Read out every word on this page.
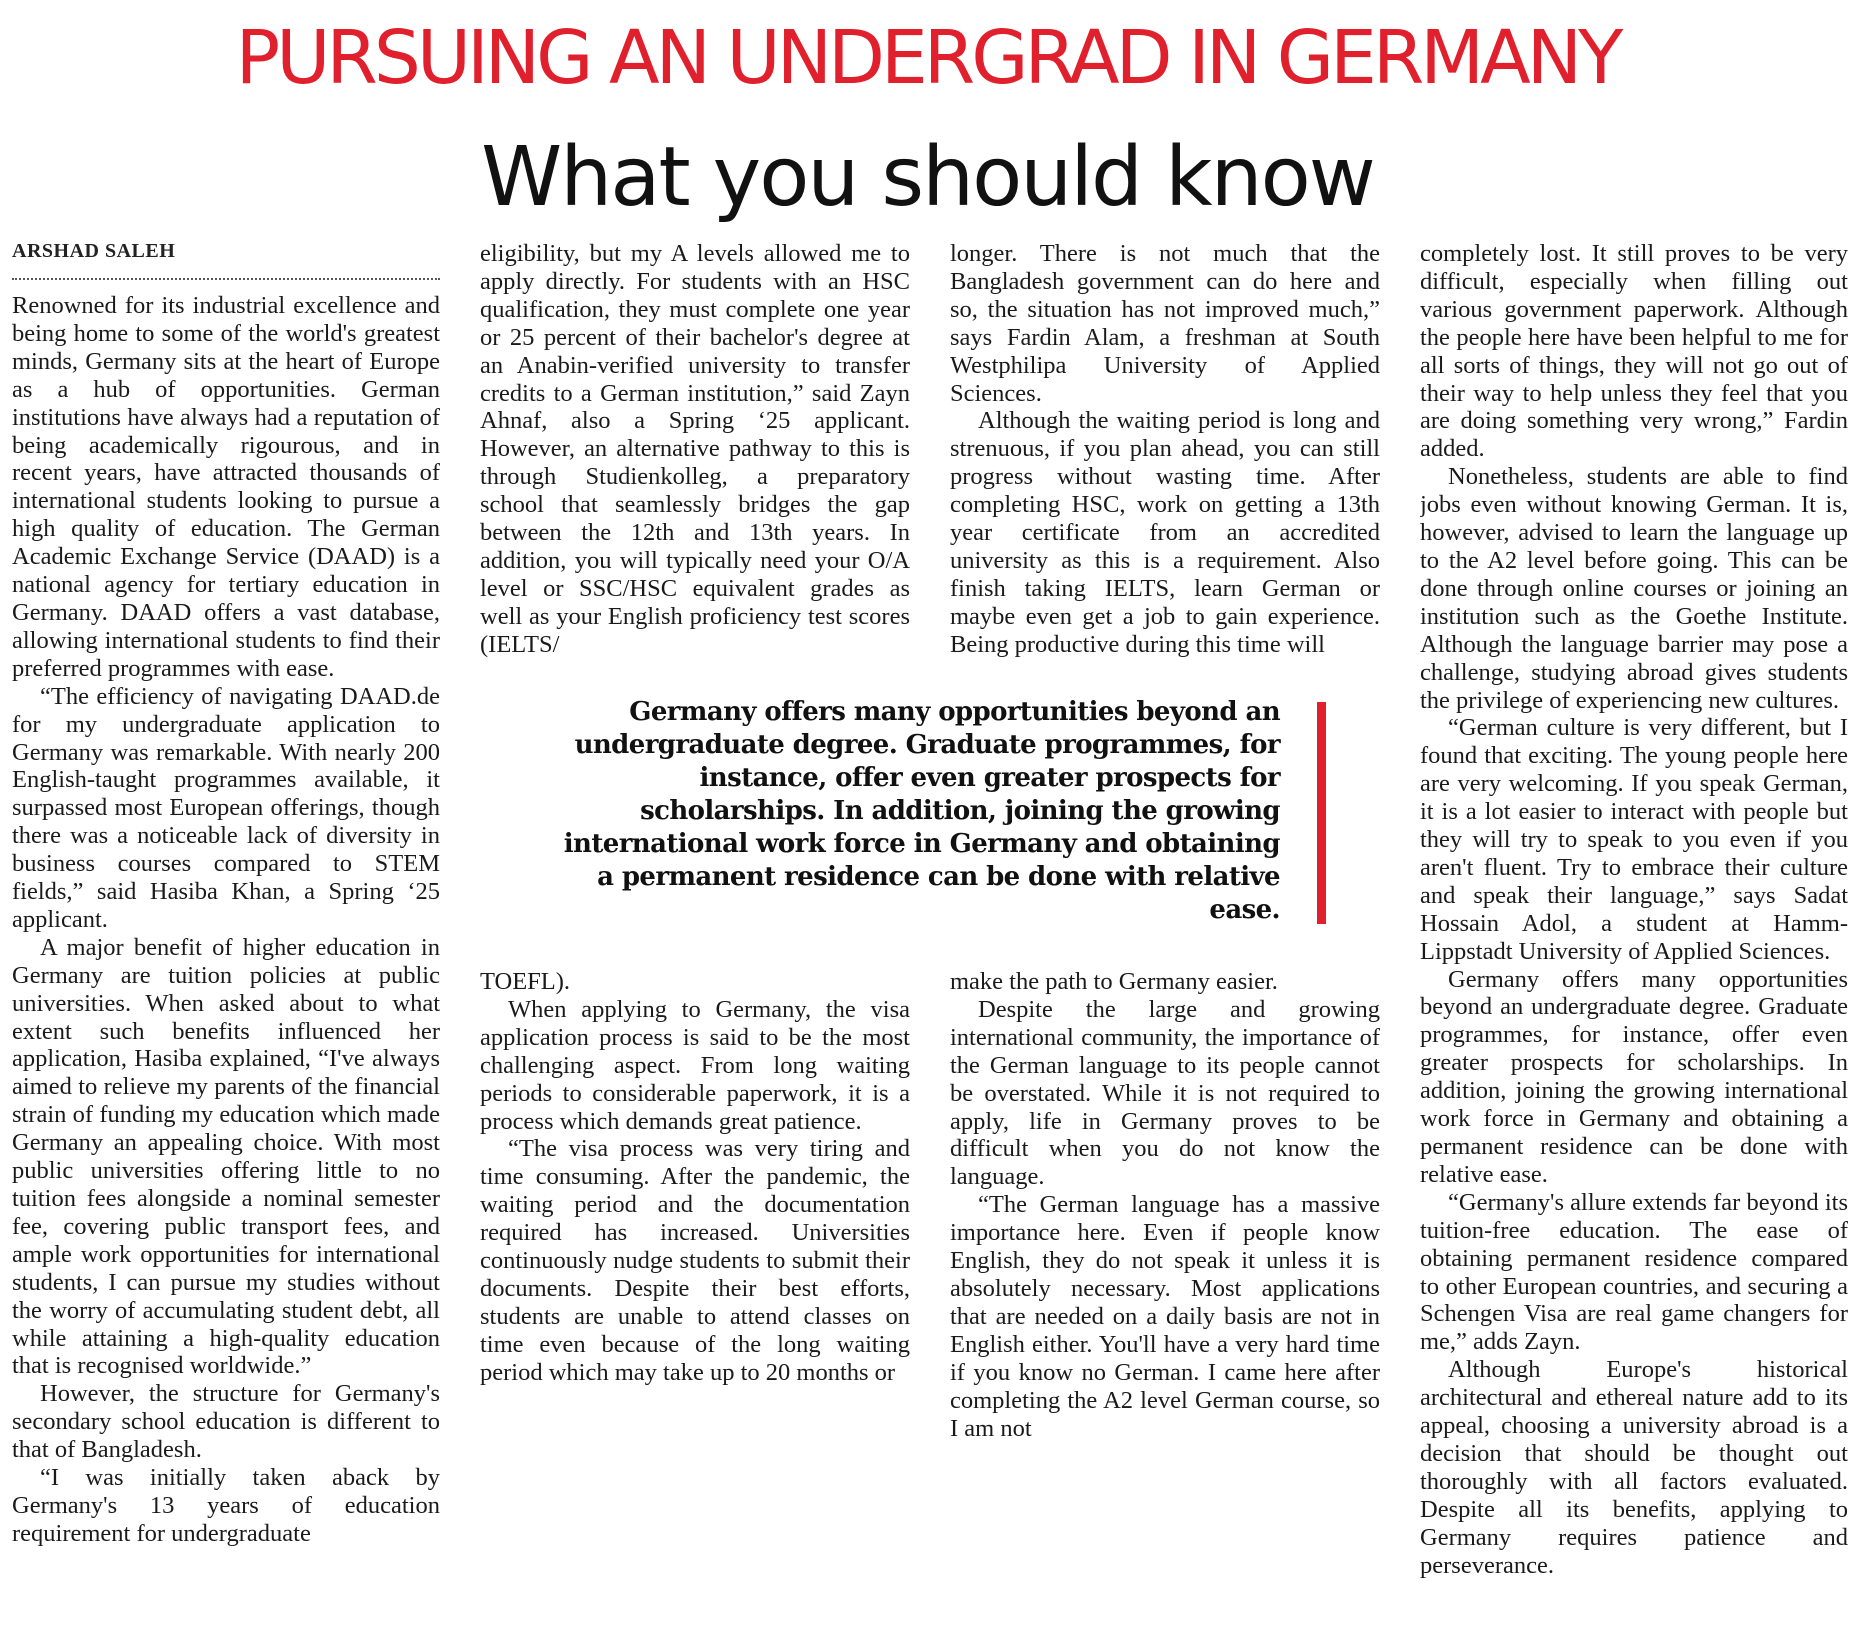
PURSUING AN UNDERGRAD IN GERMANY
What you should know
ARSHAD SALEH

Renowned for its industrial excellence and being home to some of the world's greatest minds, Germany sits at the heart of Europe as a hub of opportunities. German institutions have always had a reputation of being academically rigourous, and in recent years, have attracted thousands of international students looking to pursue a high quality of education. The German Academic Exchange Service (DAAD) is a national agency for tertiary education in Germany. DAAD offers a vast database, allowing international students to find their preferred programmes with ease.

“The efficiency of navigating DAAD.de for my undergraduate application to Germany was remarkable. With nearly 200 English-taught programmes available, it surpassed most European offerings, though there was a noticeable lack of diversity in business courses compared to STEM fields,” said Hasiba Khan, a Spring ‘25 applicant.

A major benefit of higher education in Germany are tuition policies at public universities. When asked about to what extent such benefits influenced her application, Hasiba explained, “I've always aimed to relieve my parents of the financial strain of funding my education which made Germany an appealing choice. With most public universities offering little to no tuition fees alongside a nominal semester fee, covering public transport fees, and ample work opportunities for international students, I can pursue my studies without the worry of accumulating student debt, all while attaining a high-quality education that is recognised worldwide.”

However, the structure for Germany's secondary school education is different to that of Bangladesh.

“I was initially taken aback by Germany's 13 years of education requirement for undergraduate

eligibility, but my A levels allowed me to apply directly. For students with an HSC qualification, they must complete one year or 25 percent of their bachelor's degree at an Anabin-verified university to transfer credits to a German institution,” said Zayn Ahnaf, also a Spring ‘25 applicant. However, an alternative pathway to this is through Studienkolleg, a preparatory school that seamlessly bridges the gap between the 12th and 13th years. In addition, you will typically need your O/A level or SSC/HSC equivalent grades as well as your English proficiency test scores (IELTS/

longer. There is not much that the Bangladesh government can do here and so, the situation has not improved much,” says Fardin Alam, a freshman at South Westphilipa University of Applied Sciences.

Although the waiting period is long and strenuous, if you plan ahead, you can still progress without wasting time. After completing HSC, work on getting a 13th year certificate from an accredited university as this is a requirement. Also finish taking IELTS, learn German or maybe even get a job to gain experience. Being productive during this time will

Germany offers many opportunities beyond an undergraduate degree. Graduate programmes, for instance, offer even greater prospects for scholarships. In addition, joining the growing international work force in Germany and obtaining a permanent residence can be done with relative ease.

TOEFL).

When applying to Germany, the visa application process is said to be the most challenging aspect. From long waiting periods to considerable paperwork, it is a process which demands great patience.

“The visa process was very tiring and time consuming. After the pandemic, the waiting period and the documentation required has increased. Universities continuously nudge students to submit their documents. Despite their best efforts, students are unable to attend classes on time even because of the long waiting period which may take up to 20 months or

make the path to Germany easier.

Despite the large and growing international community, the importance of the German language to its people cannot be overstated. While it is not required to apply, life in Germany proves to be difficult when you do not know the language.

“The German language has a massive importance here. Even if people know English, they do not speak it unless it is absolutely necessary. Most applications that are needed on a daily basis are not in English either. You'll have a very hard time if you know no German. I came here after completing the A2 level German course, so I am not

completely lost. It still proves to be very difficult, especially when filling out various government paperwork. Although the people here have been helpful to me for all sorts of things, they will not go out of their way to help unless they feel that you are doing something very wrong,” Fardin added.

Nonetheless, students are able to find jobs even without knowing German. It is, however, advised to learn the language up to the A2 level before going. This can be done through online courses or joining an institution such as the Goethe Institute. Although the language barrier may pose a challenge, studying abroad gives students the privilege of experiencing new cultures.

“German culture is very different, but I found that exciting. The young people here are very welcoming. If you speak German, it is a lot easier to interact with people but they will try to speak to you even if you aren't fluent. Try to embrace their culture and speak their language,” says Sadat Hossain Adol, a student at Hamm-Lippstadt University of Applied Sciences.

Germany offers many opportunities beyond an undergraduate degree. Graduate programmes, for instance, offer even greater prospects for scholarships. In addition, joining the growing international work force in Germany and obtaining a permanent residence can be done with relative ease.

“Germany's allure extends far beyond its tuition-free education. The ease of obtaining permanent residence compared to other European countries, and securing a Schengen Visa are real game changers for me,” adds Zayn.

Although Europe's historical architectural and ethereal nature add to its appeal, choosing a university abroad is a decision that should be thought out thoroughly with all factors evaluated. Despite all its benefits, applying to Germany requires patience and perseverance.
